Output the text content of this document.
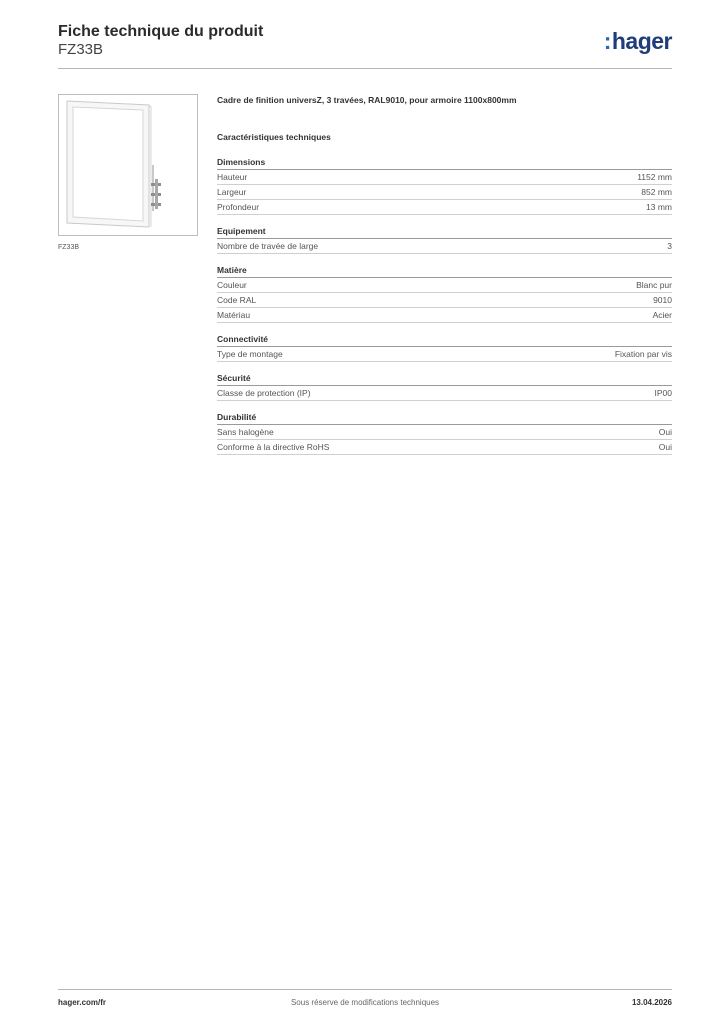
Fiche technique du produit
FZ33B	:hager
FZ33B
Cadre de finition universZ, 3 travées, RAL9010, pour armoire 1100x800mm
Caractéristiques techniques
Dimensions
Hauteur	1152 mm
Largeur	852 mm
Profondeur	13 mm
Equipement
Nombre de travée de large	3
Matière
Couleur	Blanc pur
Code RAL	9010
Matériau	Acier
Connectivité
Type de montage	Fixation par vis
Sécurité
Classe de protection (IP)	IP00
Durabilité
Sans halogène	Oui
Conforme à la directive RoHS	Oui
Sous réserve de modifications techniques
hager.com/fr	13.04.2026
